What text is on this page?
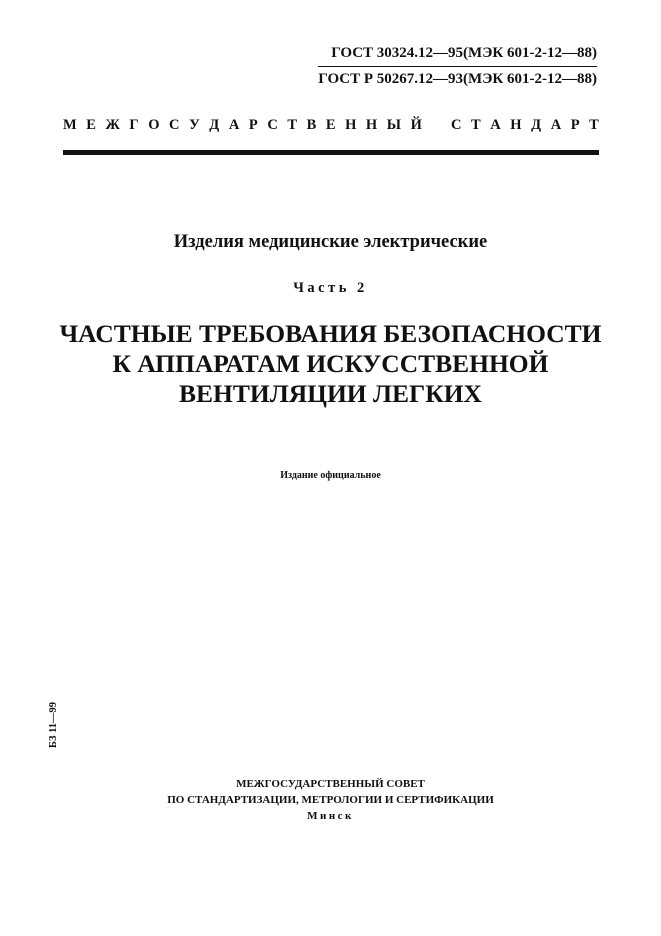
ГОСТ 30324.12—95(МЭК 601-2-12—88)
ГОСТ Р 50267.12—93(МЭК 601-2-12—88)
М Е Ж Г О С У Д А Р С Т В Е Н Н Ы Й С Т А Н Д А Р Т
Изделия медицинские электрические
Часть 2
ЧАСТНЫЕ ТРЕБОВАНИЯ БЕЗОПАСНОСТИ
К АППАРАТАМ ИСКУССТВЕННОЙ
ВЕНТИЛЯЦИИ ЛЕГКИХ
Издание официальное
БЗ 11—99
МЕЖГОСУДАРСТВЕННЫЙ СОВЕТ
ПО СТАНДАРТИЗАЦИИ, МЕТРОЛОГИИ И СЕРТИФИКАЦИИ
Минск
